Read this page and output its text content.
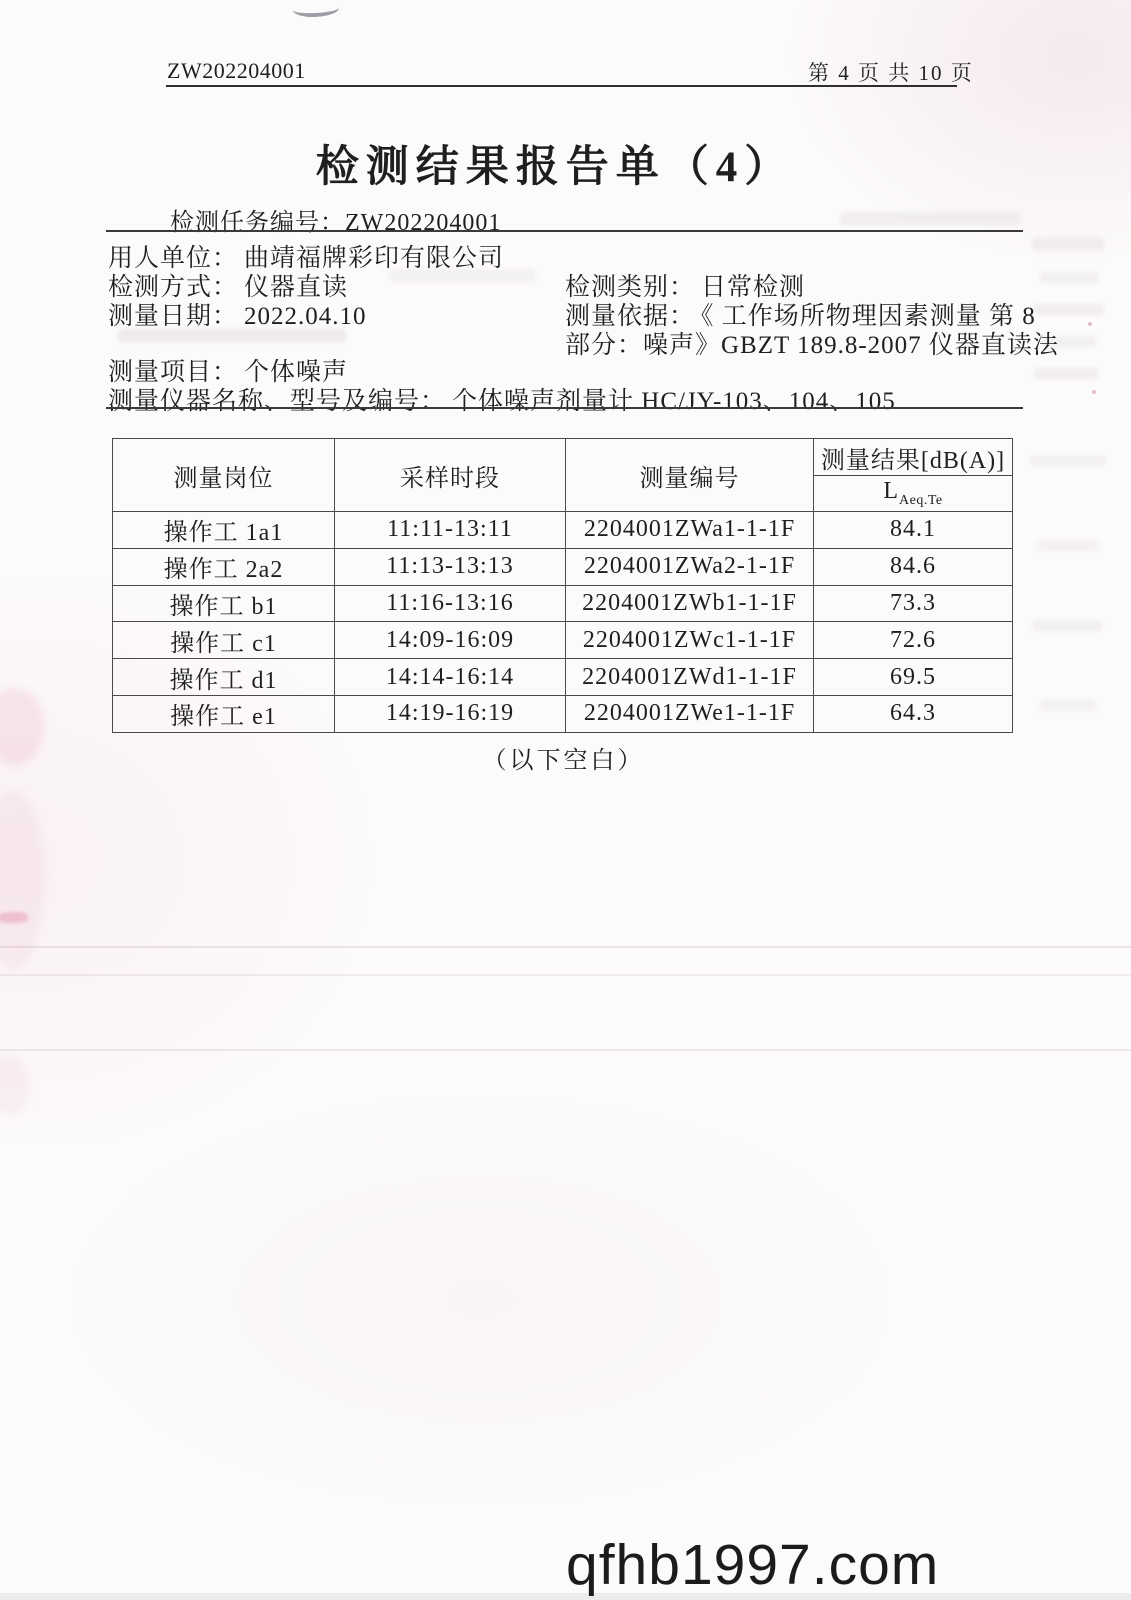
ZW202204001	第 4 页 共 10 页
检测结果报告单（4）
检测任务编号：ZW202204001
用人单位： 曲靖福牌彩印有限公司
检测方式： 仪器直读	检测类别： 日常检测
测量日期： 2022.04.10	测量依据： 《 工作场所物理因素测量 第 8
部分：噪声》GBZT 189.8-2007 仪器直读法
测量项目： 个体噪声
测量仪器名称、型号及编号： 个体噪声剂量计 HC/JY-103、104、105
测量岗位	采样时段	测量编号	测量结果[dB(A)]
			$L_{Aeq.Te}$
操作工 1a1	11:11-13:11	2204001ZWa1-1-1F	84.1
操作工 2a2	11:13-13:13	2204001ZWa2-1-1F	84.6
操作工 b1	11:16-13:16	2204001ZWb1-1-1F	73.3
操作工 c1	14:09-16:09	2204001ZWc1-1-1F	72.6
操作工 d1	14:14-16:14	2204001ZWd1-1-1F	69.5
操作工 e1	14:19-16:19	2204001ZWe1-1-1F	64.3
（以下空白）
qfhb1997.com
